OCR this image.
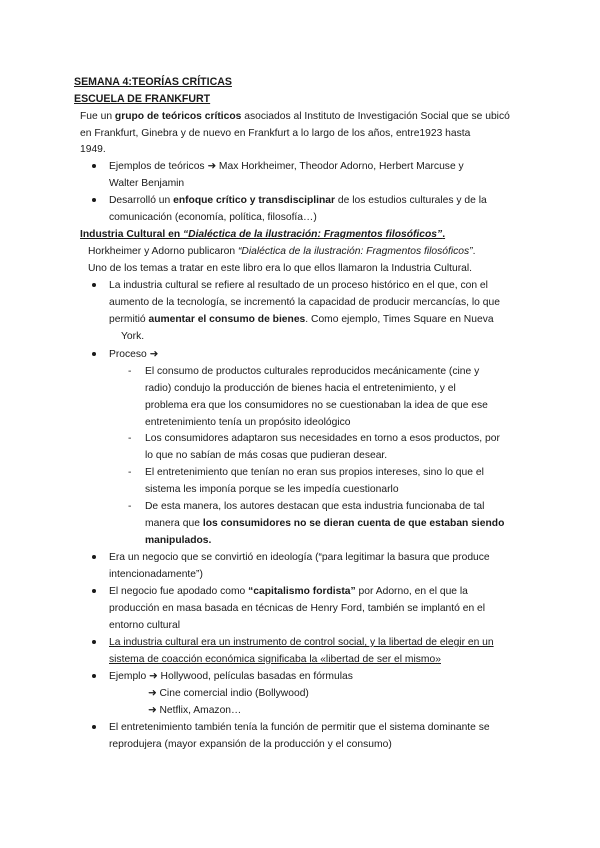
SEMANA 4:TEORÍAS CRÍTICAS
ESCUELA DE FRANKFURT
Fue un grupo de teóricos críticos asociados al Instituto de Investigación Social que se ubicó
en Frankfurt, Ginebra y de nuevo en Frankfurt a lo largo de los años, entre1923 hasta
1949.
Ejemplos de teóricos ➜ Max Horkheimer, Theodor Adorno, Herbert Marcuse y
Walter Benjamin
Desarrolló un enfoque crítico y transdisciplinar de los estudios culturales y de la
comunicación (economía, política, filosofía…)
Industria Cultural en “Dialéctica de la ilustración: Fragmentos filosóficos”.
Horkheimer y Adorno publicaron “Dialéctica de la ilustración: Fragmentos filosóficos”.
Uno de los temas a tratar en este libro era lo que ellos llamaron la Industria Cultural.
La industria cultural se refiere al resultado de un proceso histórico en el que, con el
aumento de la tecnología, se incrementó la capacidad de producir mercancías, lo que
permitió aumentar el consumo de bienes. Como ejemplo, Times Square en Nueva
York.
Proceso ➜
- El consumo de productos culturales reproducidos mecánicamente (cine y
radio) condujo la producción de bienes hacia el entretenimiento, y el
problema era que los consumidores no se cuestionaban la idea de que ese
entretenimiento tenía un propósito ideológico
- Los consumidores adaptaron sus necesidades en torno a esos productos, por
lo que no sabían de más cosas que pudieran desear.
- El entretenimiento que tenían no eran sus propios intereses, sino lo que el
sistema les imponía porque se les impedía cuestionarlo
- De esta manera, los autores destacan que esta industria funcionaba de tal
manera que los consumidores no se dieran cuenta de que estaban siendo
manipulados.
Era un negocio que se convirtió en ideología (“para legitimar la basura que produce
intencionadamente”)
El negocio fue apodado como “capitalismo fordista” por Adorno, en el que la
producción en masa basada en técnicas de Henry Ford, también se implantó en el
entorno cultural
La industria cultural era un instrumento de control social, y la libertad de elegir en un
sistema de coacción económica significaba la «libertad de ser el mismo»
Ejemplo ➜ Hollywood, películas basadas en fórmulas
➜ Cine comercial indio (Bollywood)
➜ Netflix, Amazon…
El entretenimiento también tenía la función de permitir que el sistema dominante se
reprodujera (mayor expansión de la producción y el consumo)
